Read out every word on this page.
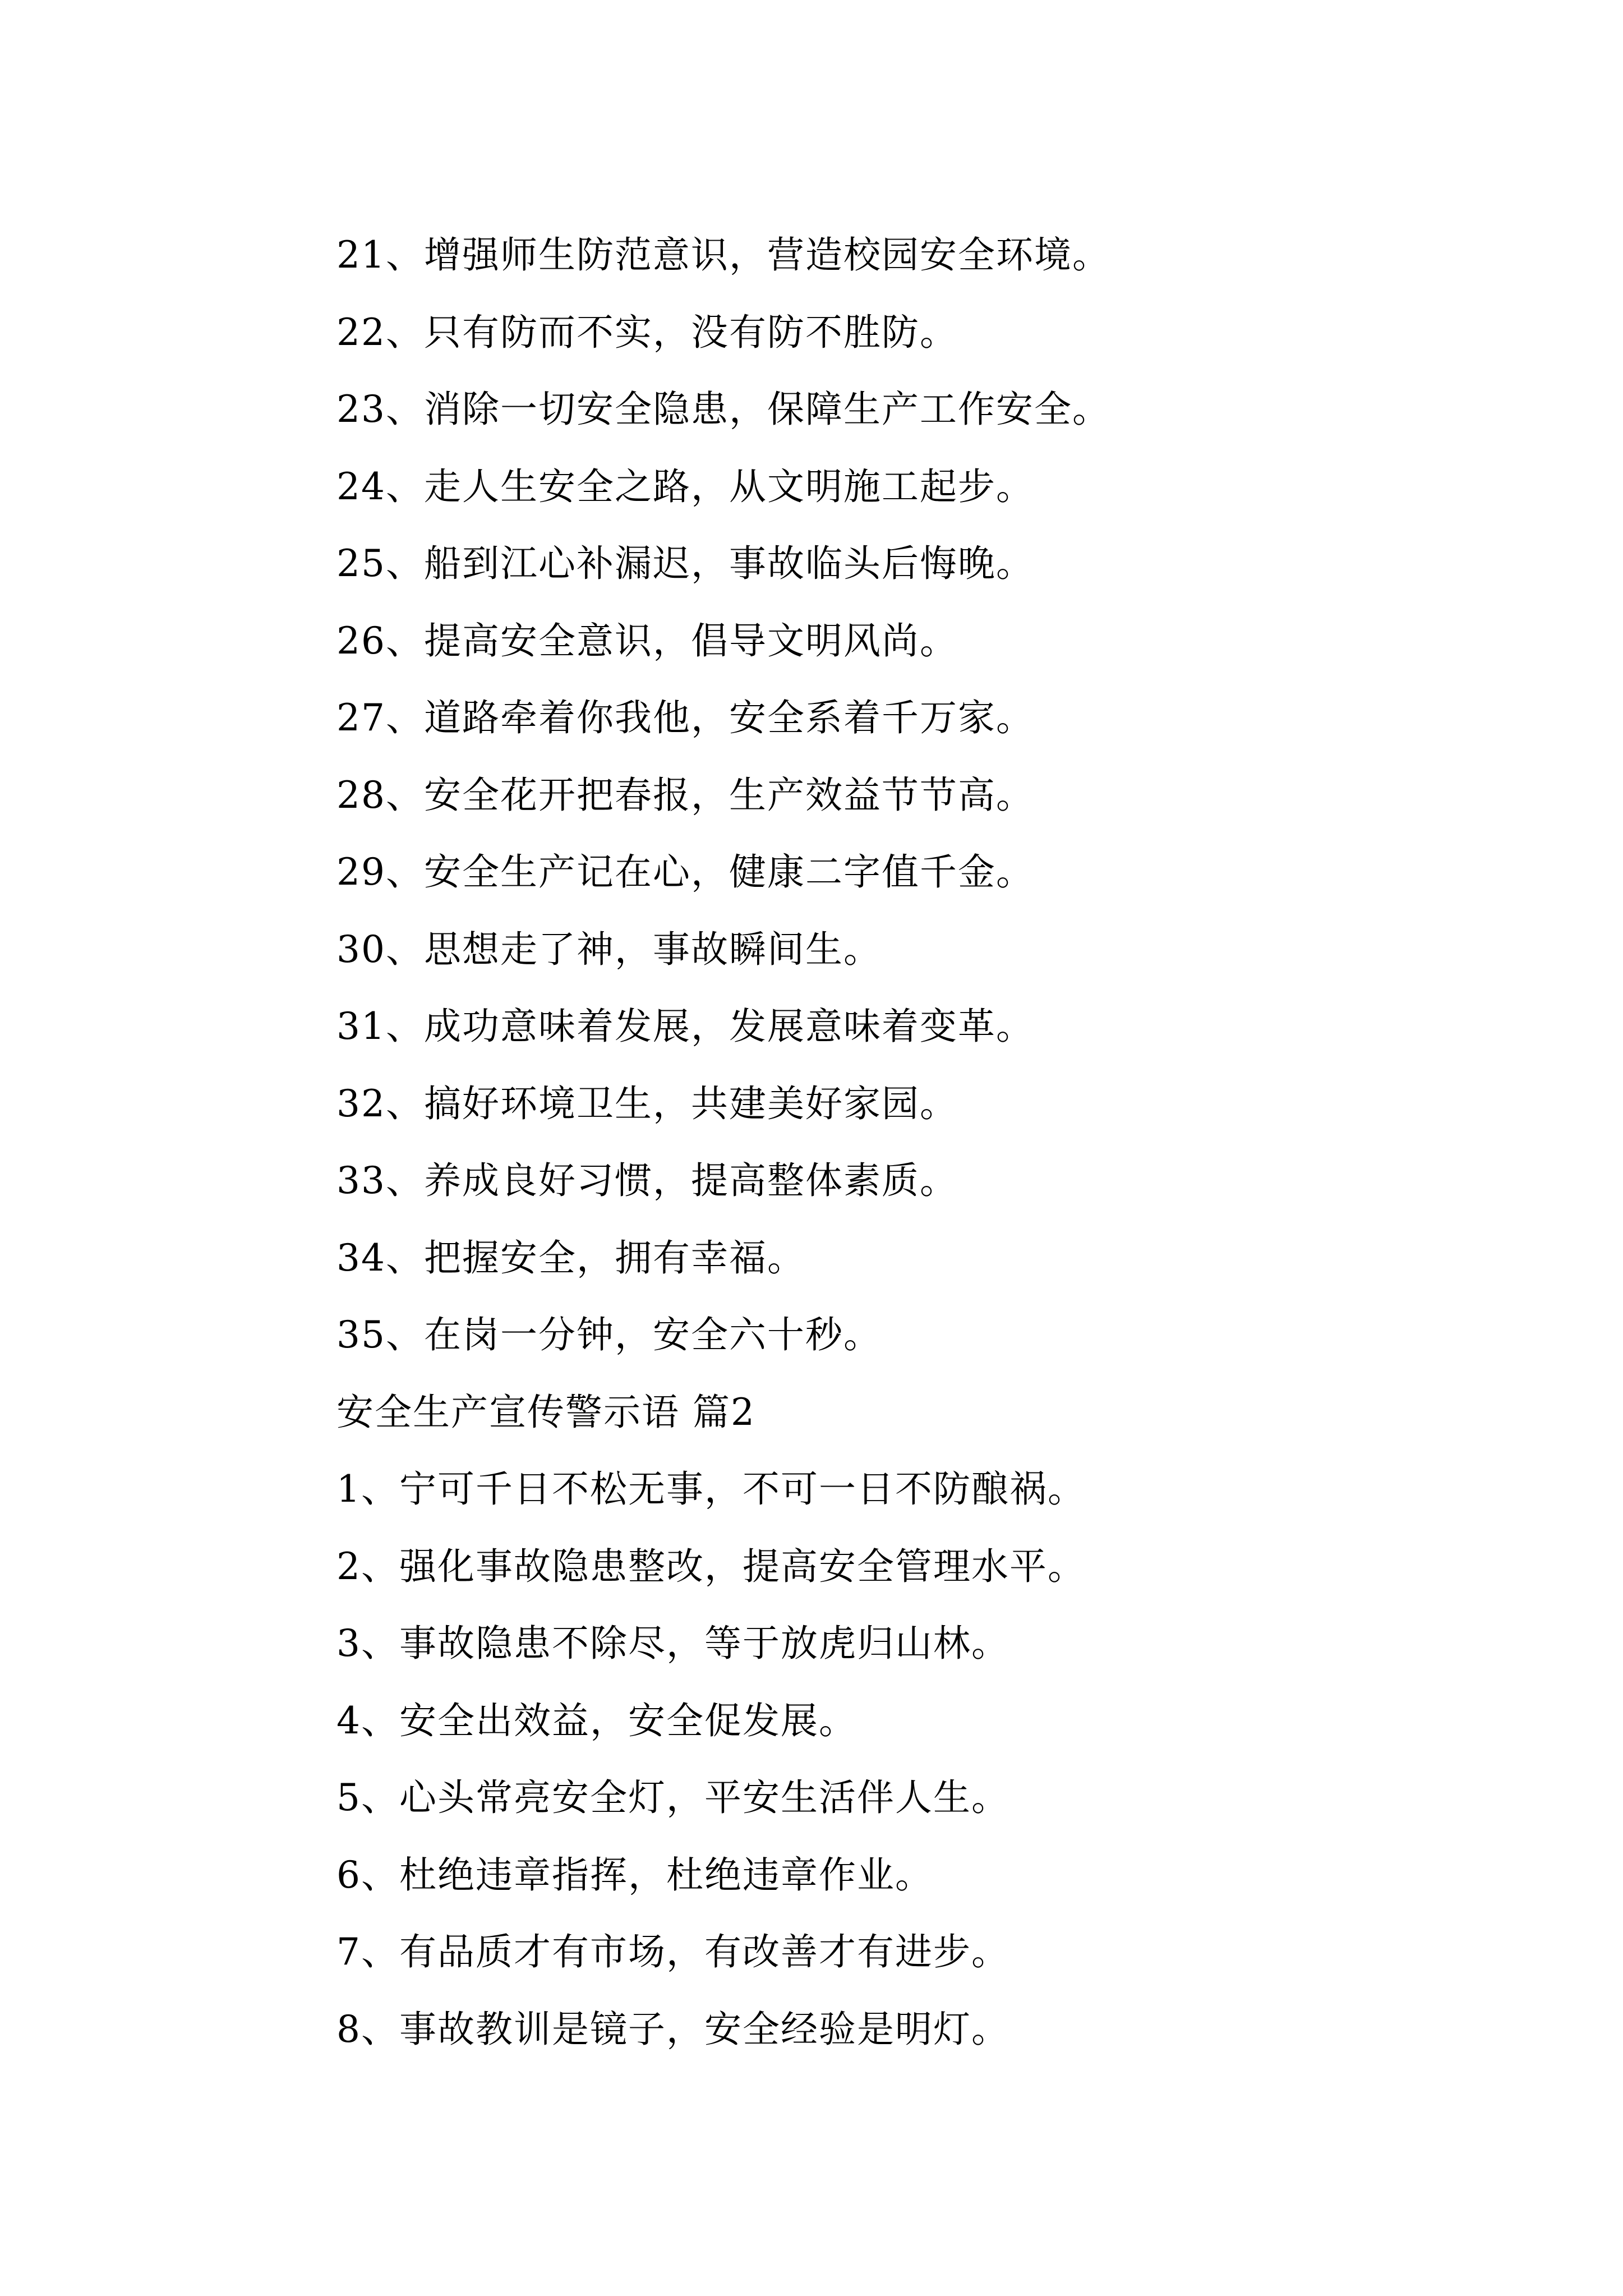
21、增强师生防范意识，营造校园安全环境。
22、只有防而不实，没有防不胜防。
23、消除一切安全隐患，保障生产工作安全。
24、走人生安全之路，从文明施工起步。
25、船到江心补漏迟，事故临头后悔晚。
26、提高安全意识，倡导文明风尚。
27、道路牵着你我他，安全系着千万家。
28、安全花开把春报，生产效益节节高。
29、安全生产记在心，健康二字值千金。
30、思想走了神，事故瞬间生。
31、成功意味着发展，发展意味着变革。
32、搞好环境卫生，共建美好家园。
33、养成良好习惯，提高整体素质。
34、把握安全，拥有幸福。
35、在岗一分钟，安全六十秒。
安全生产宣传警示语 篇2
1、宁可千日不松无事，不可一日不防酿祸。
2、强化事故隐患整改，提高安全管理水平。
3、事故隐患不除尽，等于放虎归山林。
4、安全出效益，安全促发展。
5、心头常亮安全灯，平安生活伴人生。
6、杜绝违章指挥，杜绝违章作业。
7、有品质才有市场，有改善才有进步。
8、事故教训是镜子，安全经验是明灯。
